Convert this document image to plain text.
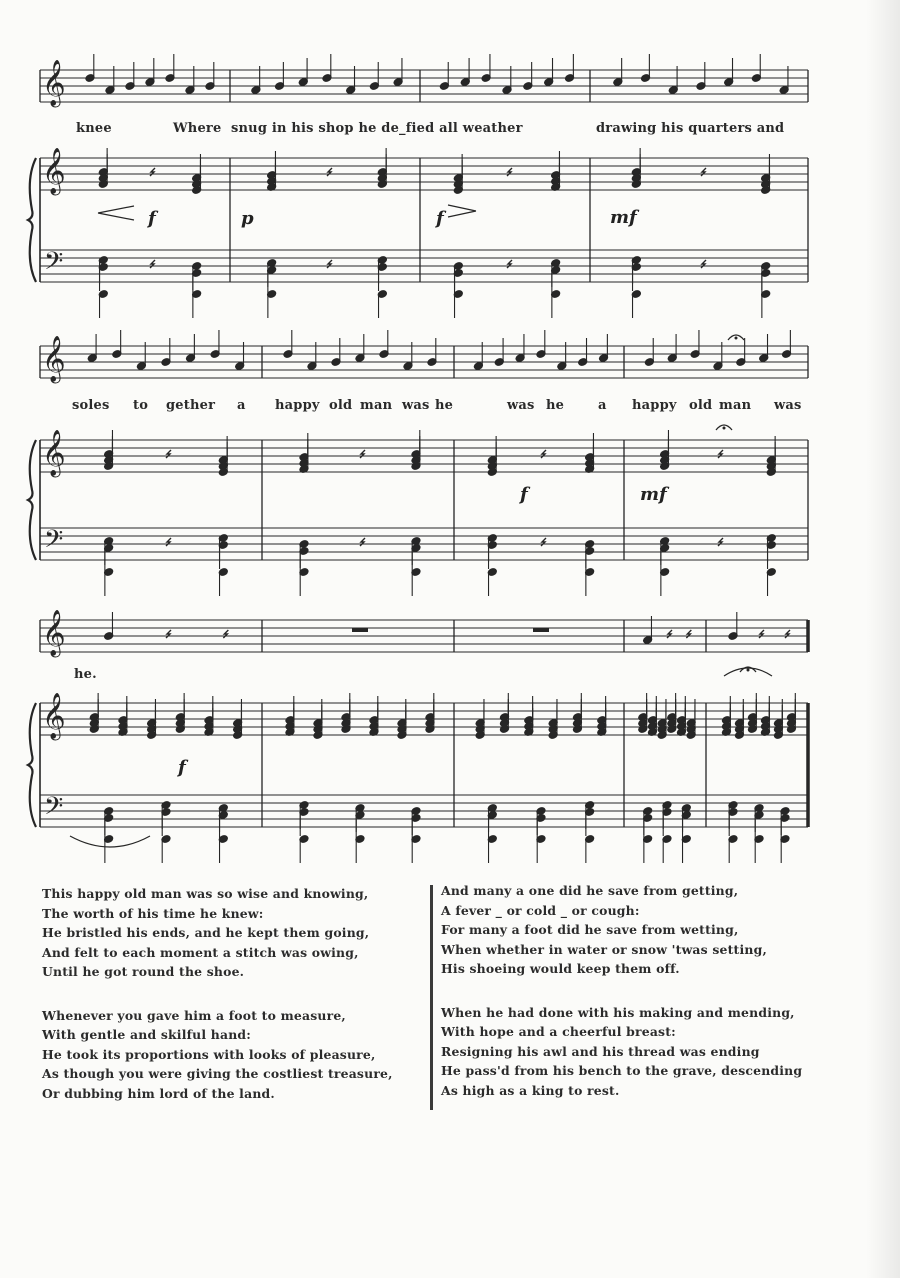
𝄞
𝄞
𝄢
𝄞
𝄞
𝄢
𝄞
𝄞
𝄢
knee	Where snug in his shop he de_fied all weather	drawing his quarters and
soles to gether a happy old man was he	was he	a happy old man was
he.
f	p	f	mf
f	mf
f
This happy old man was so wise and knowing,
The worth of his time he knew:
He bristled his ends, and he kept them going,
And felt to each moment a stitch was owing,
Until he got round the shoe.
Whenever you gave him a foot to measure,
With gentle and skilful hand:
He took its proportions with looks of pleasure,
As though you were giving the costliest treasure,
Or dubbing him lord of the land.
And many a one did he save from getting,
A fever _ or cold _ or cough:
For many a foot did he save from wetting,
When whether in water or snow 'twas setting,
His shoeing would keep them off.
When he had done with his making and mending,
With hope and a cheerful breast:
Resigning his awl and his thread was ending
He pass'd from his bench to the grave, descending
As high as a king to rest.
